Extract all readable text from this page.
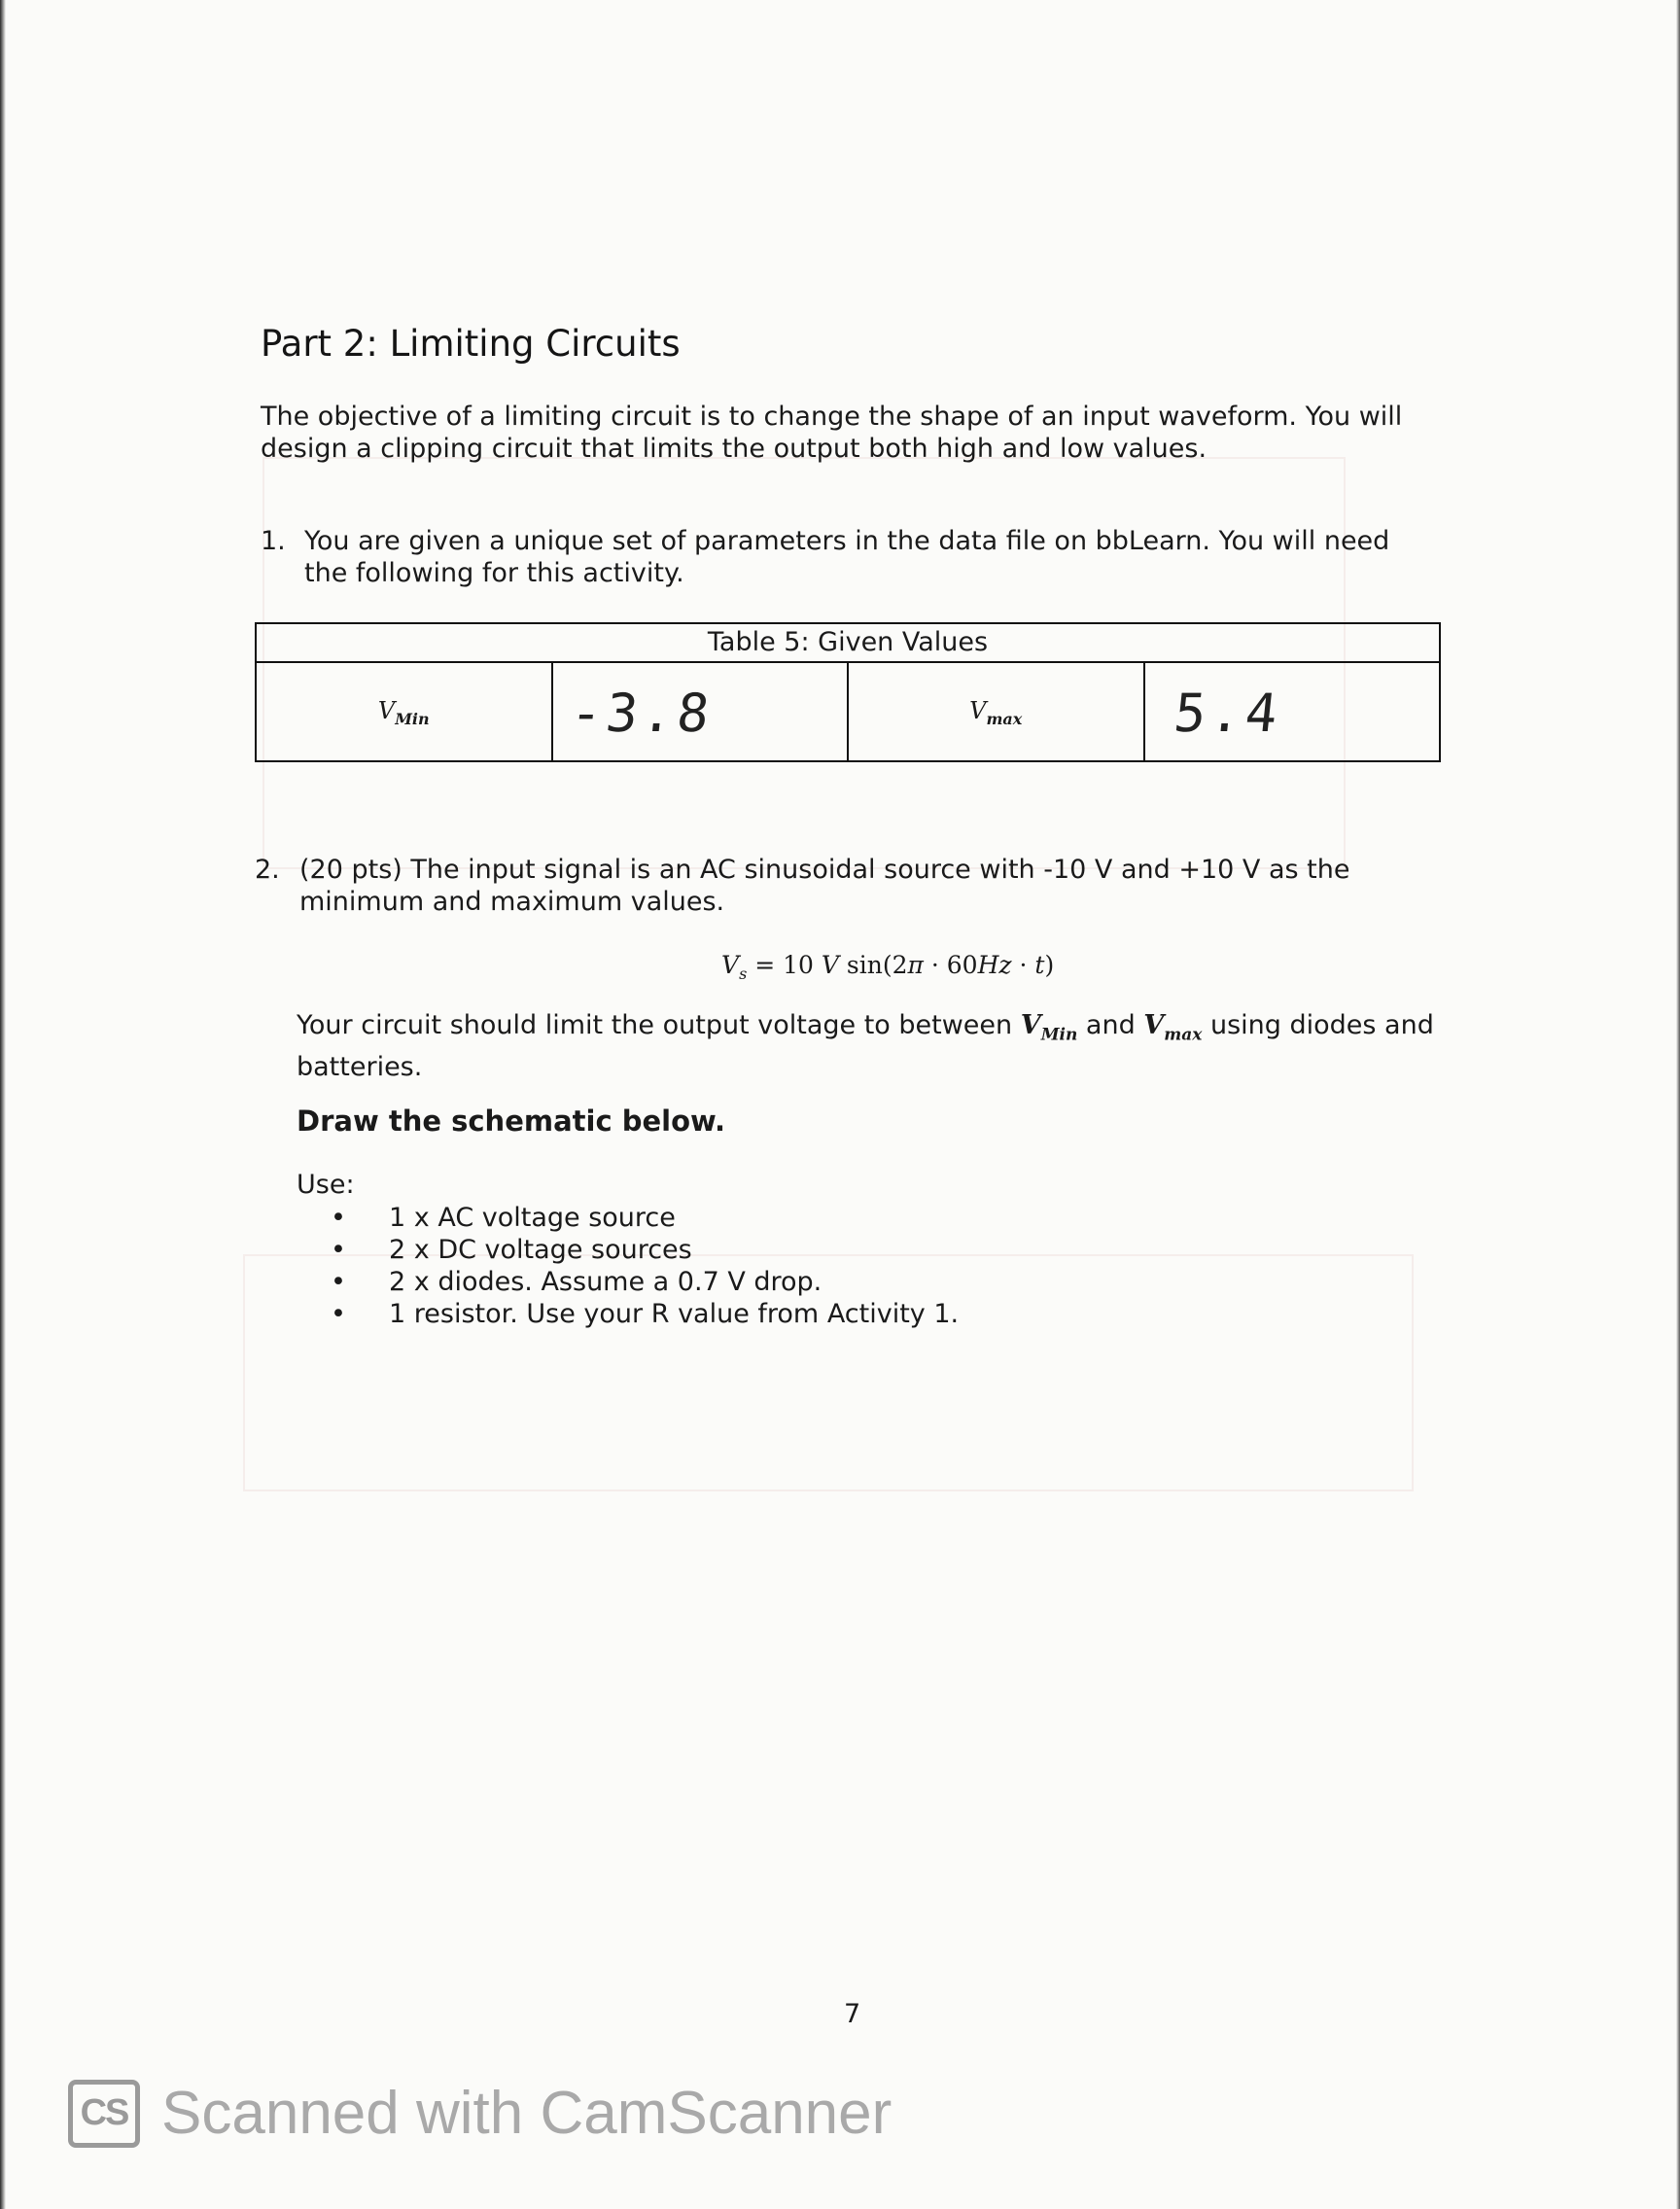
Part 2: Limiting Circuits
The objective of a limiting circuit is to change the shape of an input waveform. You will design a clipping circuit that limits the output both high and low values.
1. You are given a unique set of parameters in the data file on bbLearn. You will need the following for this activity.
Table 5: Given Values
$V_{Min}$	-3.8	$V_{max}$	5.4
2. (20 pts) The input signal is an AC sinusoidal source with -10 V and +10 V as the minimum and maximum values.
$V_s = 10$ V sin(2π · 60Hz · t)
Your circuit should limit the output voltage to between $V_{Min}$ and $V_{max}$ using diodes and batteries.
Draw the schematic below.
Use:
• 1 x AC voltage source
• 2 x DC voltage sources
• 2 x diodes. Assume a 0.7 V drop.
• 1 resistor. Use your R value from Activity 1.
7
CS Scanned with CamScanner
